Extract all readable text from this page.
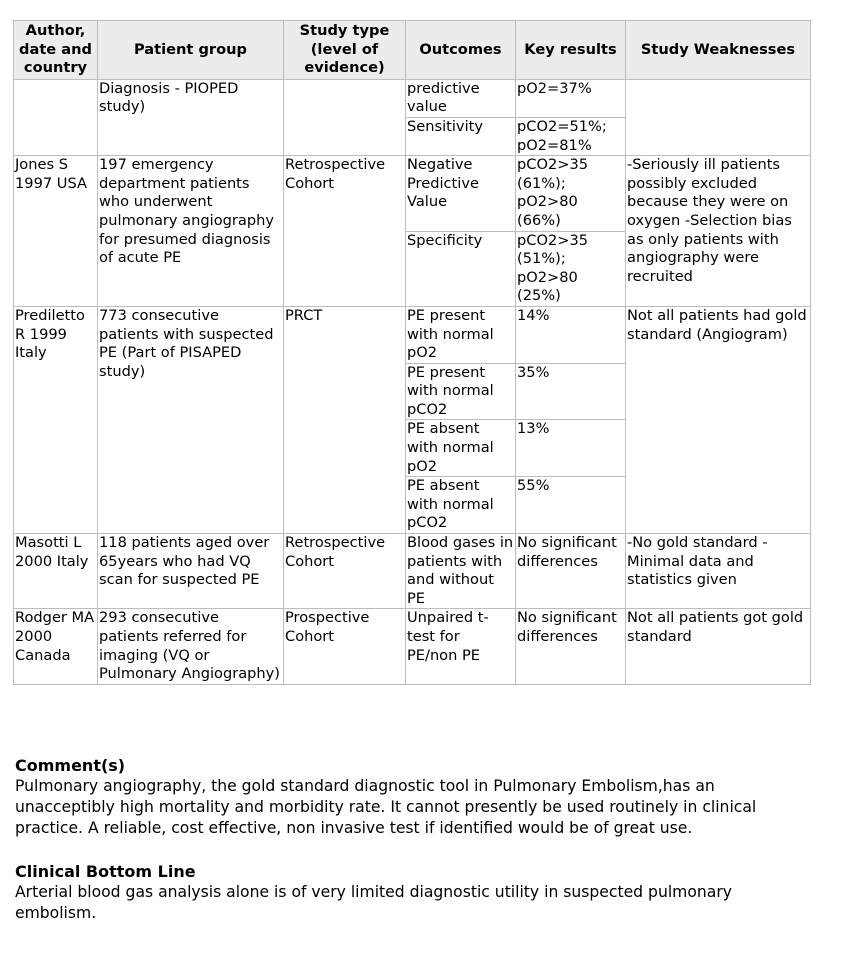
Author, date and country	Patient group	Study type (level of evidence)	Outcomes	Key results	Study Weaknesses
	Diagnosis - PIOPED study)		predictive value	pO2=37%	
			Sensitivity	pCO2=51%; pO2=81%	
Jones S 1997 USA	197 emergency department patients who underwent pulmonary angiography for presumed diagnosis of acute PE	Retrospective Cohort	Negative Predictive Value	pCO2>35 (61%); pO2>80 (66%)	-Seriously ill patients possibly excluded because they were on oxygen -Selection bias as only patients with angiography were recruited
			Specificity	pCO2>35 (51%); pO2>80 (25%)	
Prediletto R 1999 Italy	773 consecutive patients with suspected PE (Part of PISAPED study)	PRCT	PE present with normal pO2	14%	Not all patients had gold standard (Angiogram)
			PE present with normal pCO2	35%	
			PE absent with normal pO2	13%	
			PE absent with normal pCO2	55%	
Masotti L 2000 Italy	118 patients aged over 65years who had VQ scan for suspected PE	Retrospective Cohort	Blood gases in patients with and without PE	No significant differences	-No gold standard -Minimal data and statistics given
Rodger MA 2000 Canada	293 consecutive patients referred for imaging (VQ or Pulmonary Angiography)	Prospective Cohort	Unpaired t-test for PE/non PE	No significant differences	Not all patients got gold standard
Comment(s)

Pulmonary angiography, the gold standard diagnostic tool in Pulmonary Embolism,has an unacceptibly high mortality and morbidity rate. It cannot presently be used routinely in clinical practice. A reliable, cost effective, non invasive test if identified would be of great use.

Clinical Bottom Line

Arterial blood gas analysis alone is of very limited diagnostic utility in suspected pulmonary embolism.
